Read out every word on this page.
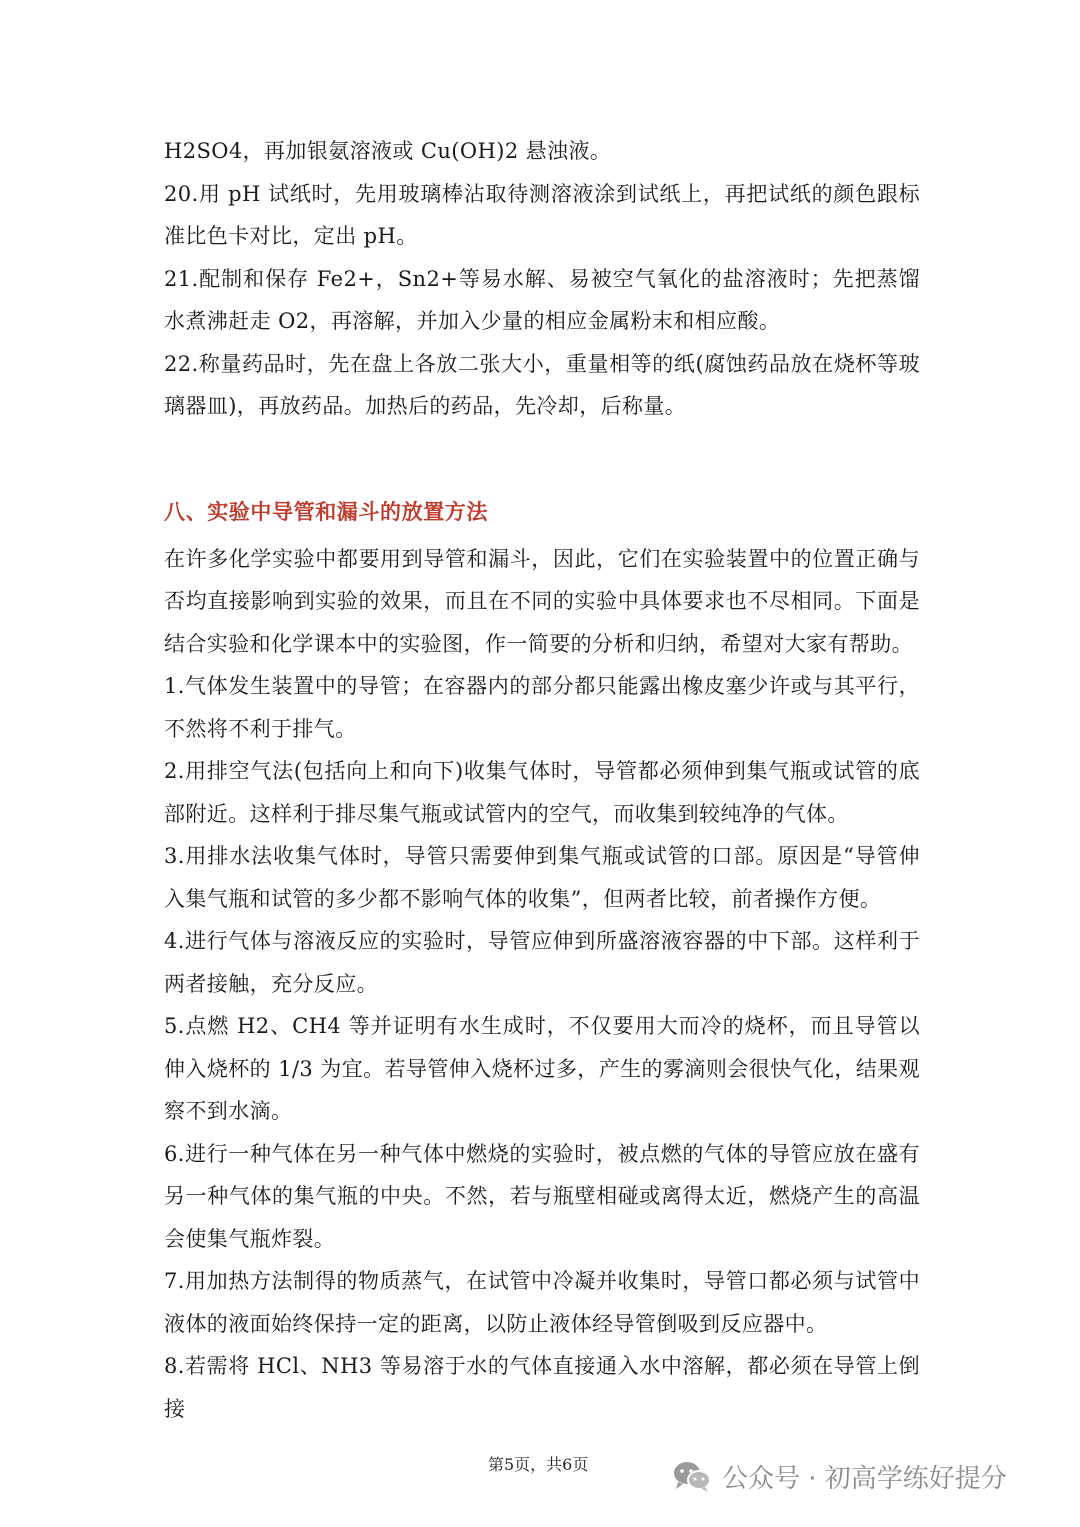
H2SO4，再加银氨溶液或 Cu(OH)2 悬浊液。

20.用 pH 试纸时，先用玻璃棒沾取待测溶液涂到试纸上，再把试纸的颜色跟标准比色卡对比，定出 pH。

21.配制和保存 Fe2+，Sn2+等易水解、易被空气氧化的盐溶液时；先把蒸馏水煮沸赶走 O2，再溶解，并加入少量的相应金属粉末和相应酸。

22.称量药品时，先在盘上各放二张大小，重量相等的纸(腐蚀药品放在烧杯等玻璃器皿)，再放药品。加热后的药品，先冷却，后称量。

八、实验中导管和漏斗的放置方法

在许多化学实验中都要用到导管和漏斗，因此，它们在实验装置中的位置正确与否均直接影响到实验的效果，而且在不同的实验中具体要求也不尽相同。下面是结合实验和化学课本中的实验图，作一简要的分析和归纳，希望对大家有帮助。

1.气体发生装置中的导管；在容器内的部分都只能露出橡皮塞少许或与其平行，不然将不利于排气。

2.用排空气法(包括向上和向下)收集气体时，导管都必须伸到集气瓶或试管的底部附近。这样利于排尽集气瓶或试管内的空气，而收集到较纯净的气体。

3.用排水法收集气体时，导管只需要伸到集气瓶或试管的口部。原因是“导管伸入集气瓶和试管的多少都不影响气体的收集”，但两者比较，前者操作方便。

4.进行气体与溶液反应的实验时，导管应伸到所盛溶液容器的中下部。这样利于两者接触，充分反应。

5.点燃 H2、CH4 等并证明有水生成时，不仅要用大而冷的烧杯，而且导管以伸入烧杯的 1/3 为宜。若导管伸入烧杯过多，产生的雾滴则会很快气化，结果观察不到水滴。

6.进行一种气体在另一种气体中燃烧的实验时，被点燃的气体的导管应放在盛有另一种气体的集气瓶的中央。不然，若与瓶壁相碰或离得太近，燃烧产生的高温会使集气瓶炸裂。

7.用加热方法制得的物质蒸气，在试管中冷凝并收集时，导管口都必须与试管中液体的液面始终保持一定的距离，以防止液体经导管倒吸到反应器中。

8.若需将 HCl、NH3 等易溶于水的气体直接通入水中溶解，都必须在导管上倒接

第5页，共6页	公众号 · 初高学练好提分
